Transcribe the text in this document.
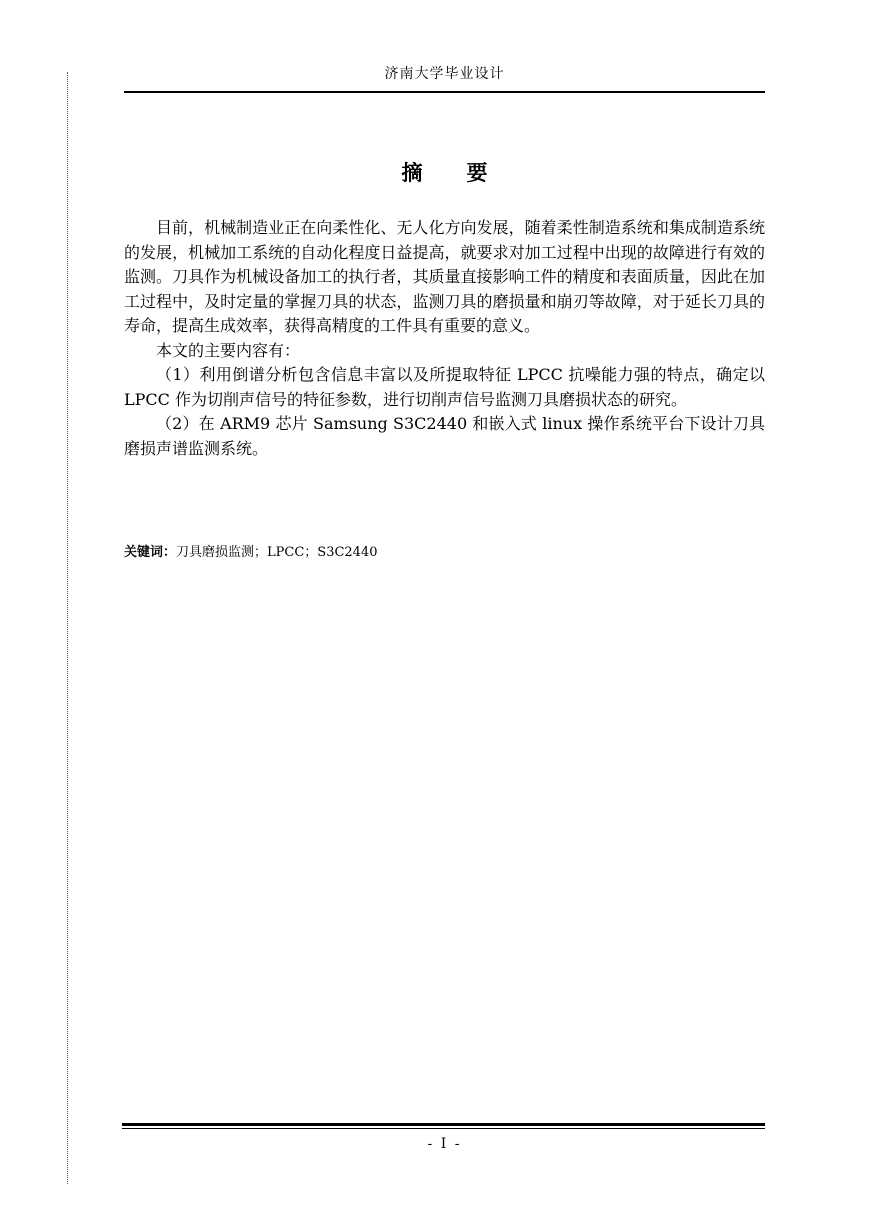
济南大学毕业设计
摘要

目前，机械制造业正在向柔性化、无人化方向发展，随着柔性制造系统和集成制造系统的发展，机械加工系统的自动化程度日益提高，就要求对加工过程中出现的故障进行有效的监测。刀具作为机械设备加工的执行者，其质量直接影响工件的精度和表面质量，因此在加工过程中，及时定量的掌握刀具的状态，监测刀具的磨损量和崩刃等故障，对于延长刀具的寿命，提高生成效率，获得高精度的工件具有重要的意义。

本文的主要内容有：

（1）利用倒谱分析包含信息丰富以及所提取特征 LPCC 抗噪能力强的特点，确定以 LPCC 作为切削声信号的特征参数，进行切削声信号监测刀具磨损状态的研究。

（2）在 ARM9 芯片 Samsung S3C2440 和嵌入式 linux 操作系统平台下设计刀具磨损声谱监测系统。

关键词：刀具磨损监测；LPCC；S3C2440
- I -
